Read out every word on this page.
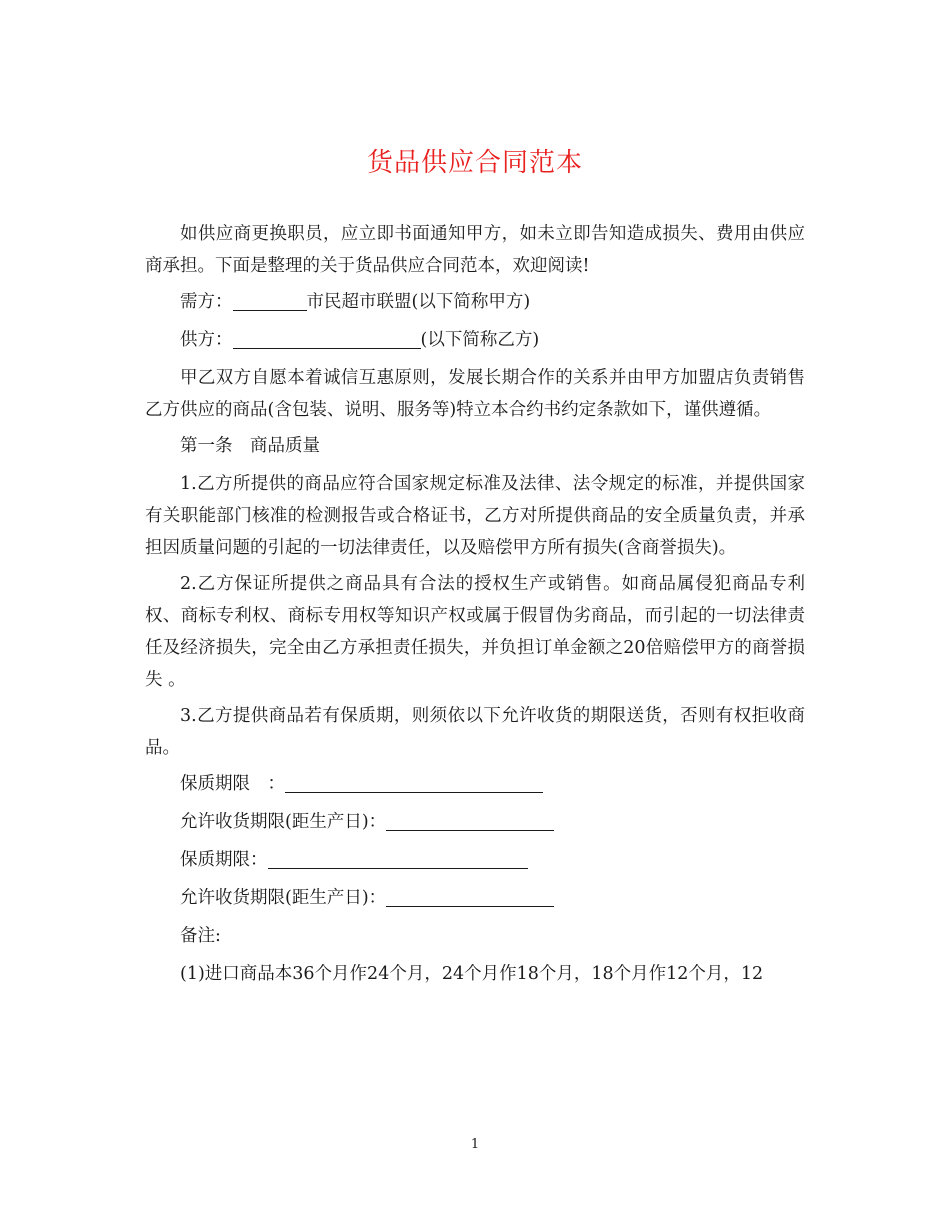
货品供应合同范本

如供应商更换职员，应立即书面通知甲方，如未立即告知造成损失、费用由供应商承担。下面是整理的关于货品供应合同范本，欢迎阅读!

需方：	市民超市联盟(以下简称甲方)

供方：	(以下简称乙方)

甲乙双方自愿本着诚信互惠原则，发展长期合作的关系并由甲方加盟店负责销售乙方供应的商品(含包装、说明、服务等)特立本合约书约定条款如下，谨供遵循。

第一条　商品质量

1.乙方所提供的商品应符合国家规定标准及法律、法令规定的标准，并提供国家有关职能部门核准的检测报告或合格证书，乙方对所提供商品的安全质量负责，并承担因质量问题的引起的一切法律责任，以及赔偿甲方所有损失(含商誉损失)。

2.乙方保证所提供之商品具有合法的授权生产或销售。如商品属侵犯商品专利权、商标专利权、商标专用权等知识产权或属于假冒伪劣商品，而引起的一切法律责任及经济损失，完全由乙方承担责任损失，并负担订单金额之20倍赔偿甲方的商誉损失 。

3.乙方提供商品若有保质期，则须依以下允许收货的期限送货，否则有权拒收商品。

保质期限　：

允许收货期限(距生产日)：

保质期限：

允许收货期限(距生产日)：

备注:

(1)进口商品本36个月作24个月，24个月作18个月，18个月作12个月，12

1
